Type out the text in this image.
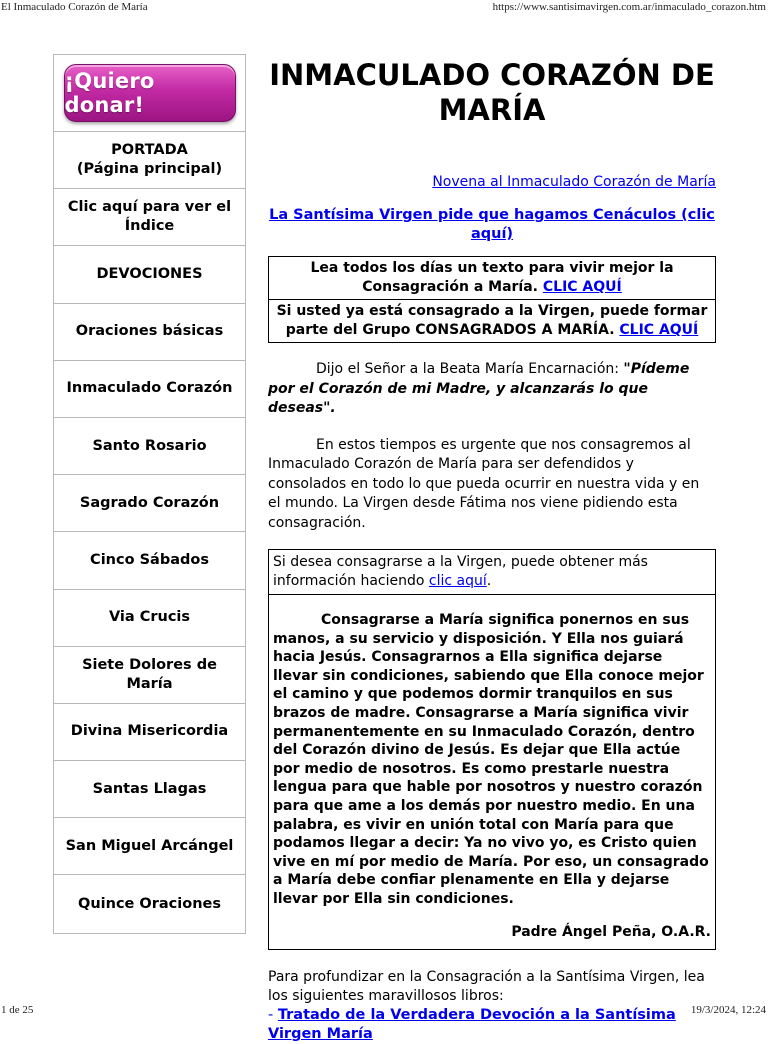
El Inmaculado Corazón de María	https://www.santisimavirgen.com.ar/inmaculado_corazon.htm
¡Quiero donar!
PORTADA
(Página principal)
Clic aquí para ver el Índice
DEVOCIONES
Oraciones básicas
Inmaculado Corazón
Santo Rosario
Sagrado Corazón
Cinco Sábados
Via Crucis
Siete Dolores de María
Divina Misericordia
Santas Llagas
San Miguel Arcángel
Quince Oraciones
INMACULADO CORAZÓN DE MARÍA
Novena al Inmaculado Corazón de María
La Santísima Virgen pide que hagamos Cenáculos (clic aquí)
Lea todos los días un texto para vivir mejor la Consagración a María. CLIC AQUÍ
Si usted ya está consagrado a la Virgen, puede formar parte del Grupo CONSAGRADOS A MARÍA. CLIC AQUÍ
Dijo el Señor a la Beata María Encarnación: "Pídeme por el Corazón de mi Madre, y alcanzarás lo que deseas".
En estos tiempos es urgente que nos consagremos al Inmaculado Corazón de María para ser defendidos y consolados en todo lo que pueda ocurrir en nuestra vida y en el mundo. La Virgen desde Fátima nos viene pidiendo esta consagración.
Si desea consagrarse a la Virgen, puede obtener más información haciendo clic aquí.
Consagrarse a María significa ponernos en sus manos, a su servicio y disposición. Y Ella nos guiará hacia Jesús. Consagrarnos a Ella significa dejarse llevar sin condiciones, sabiendo que Ella conoce mejor el camino y que podemos dormir tranquilos en sus brazos de madre. Consagrarse a María significa vivir permanentemente en su Inmaculado Corazón, dentro del Corazón divino de Jesús. Es dejar que Ella actúe por medio de nosotros. Es como prestarle nuestra lengua para que hable por nosotros y nuestro corazón para que ame a los demás por nuestro medio. En una palabra, es vivir en unión total con María para que podamos llegar a decir: Ya no vivo yo, es Cristo quien vive en mí por medio de María. Por eso, un consagrado a María debe confiar plenamente en Ella y dejarse llevar por Ella sin condiciones.
Padre Ángel Peña, O.A.R.
Para profundizar en la Consagración a la Santísima Virgen, lea los siguientes maravillosos libros:
- Tratado de la Verdadera Devoción a la Santísima Virgen María
1 de 25	19/3/2024, 12:24
